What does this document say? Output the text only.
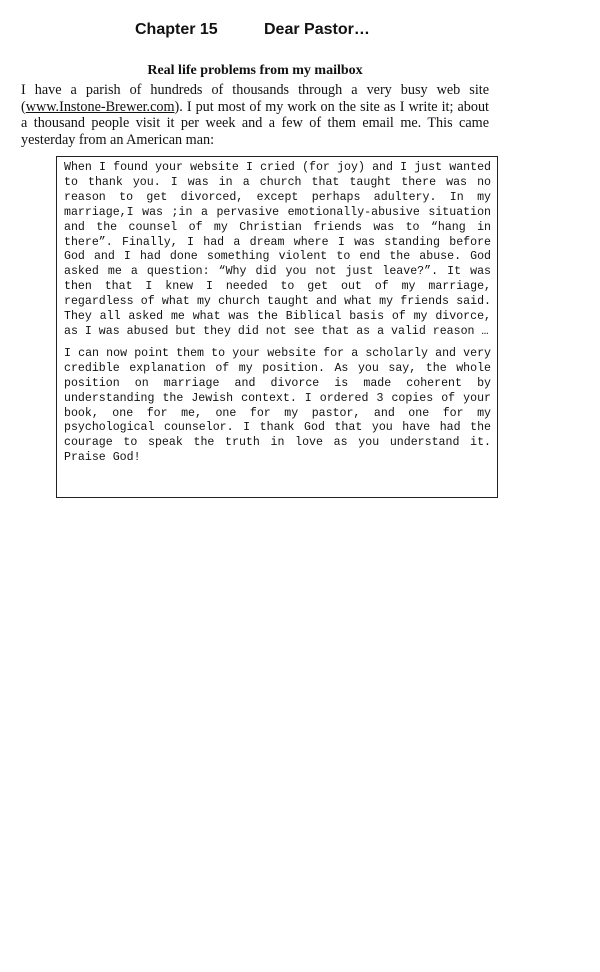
Chapter 15	Dear Pastor…
Real life problems from my mailbox

I have a parish of hundreds of thousands through a very busy web site (www.Instone-Brewer.com). I put most of my work on the site as I write it; about a thousand people visit it per week and a few of them email me. This came yesterday from an American man:

When I found your website I cried (for joy) and I just wanted to thank you. I was in a church that taught there was no reason to get divorced, except perhaps adultery. In my marriage,I was ;in a pervasive emotionally-abusive situation and the counsel of my Christian friends was to “hang in there”. Finally, I had a dream where I was standing before God and I had done something violent to end the abuse. God asked me a question: “Why did you not just leave?”. It was then that I knew I needed to get out of my marriage, regardless of what my church taught and what my friends said. They all asked me what was the Biblical basis of my divorce, as I was abused but they did not see that as a valid reason …

I can now point them to your website for a scholarly and very credible explanation of my position. As you say, the whole position on marriage and divorce is made coherent by understanding the Jewish context. I ordered 3 copies of your book, one for me, one for my pastor, and one for my psychological counselor. I thank God that you have had the courage to speak the truth in love as you understand it. Praise God!
